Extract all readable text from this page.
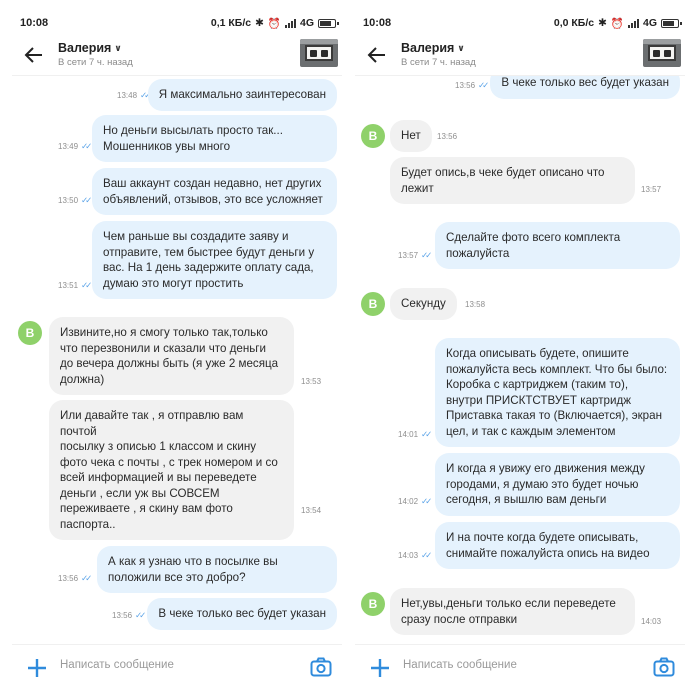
10:08	0,1 КБ/с ✱ ⏰ 4G
Валерия ∨
В сети 7 ч. назад
13:48 ✓✓ Я максимально заинтересован
13:49 ✓✓
Но деньги высылать просто так...
Мошенников увы много
13:50 ✓✓
Ваш аккаунт создан недавно, нет других
объявлений, отзывов, это все усложняет
13:51 ✓✓
Чем раньше вы создадите заяву и
отправите, тем быстрее будут деньги у
вас. На 1 день задержите оплату сада,
думаю это могут простить
В	Извините,но я смогу только так,только
что перезвонили и сказали что деньги
до вечера должны быть (я уже 2 месяца
должна)	13:53
Или давайте так , я отправлю вам почтой
посылку з описью 1 классом и скину
фото чека с почты , с трек номером и со
всей информацией и вы переведете
деньги , если уж вы СОВСЕМ
переживаете , я скину вам фото
паспорта..
13:54
13:56 ✓✓
А как я узнаю что в посылке вы
положили все это добро?
13:56 ✓✓	В чеке только вес будет указан
Написать сообщение
10:08	0,0 КБ/с ✱ ⏰ 4G
Валерия ∨
В сети 7 ч. назад
13:56 ✓✓	В чеке только вес будет указан
В	Нет	13:56
Будет опись,в чеке будет описано что
лежит	13:57
13:57 ✓✓
Сделайте фото всего комплекта
пожалуйста
В	Секунду	13:58
14:01 ✓✓
Когда описывать будете, опишите
пожалуйста весь комплект. Что бы было:
Коробка с картриджем (таким то),
внутри ПРИСКТСТВУЕТ картридж
Приставка такая то (Включается), экран
цел, и так с каждым элементом
14:02 ✓✓
И когда я увижу его движения между
городами, я думаю это будет ночью
сегодня, я вышлю вам деньги
14:03 ✓✓
И на почте когда будете описывать,
снимайте пожалуйста опись на видео
В	Нет,увы,деньги только если переведете
сразу после отправки	14:03
Написать сообщение
